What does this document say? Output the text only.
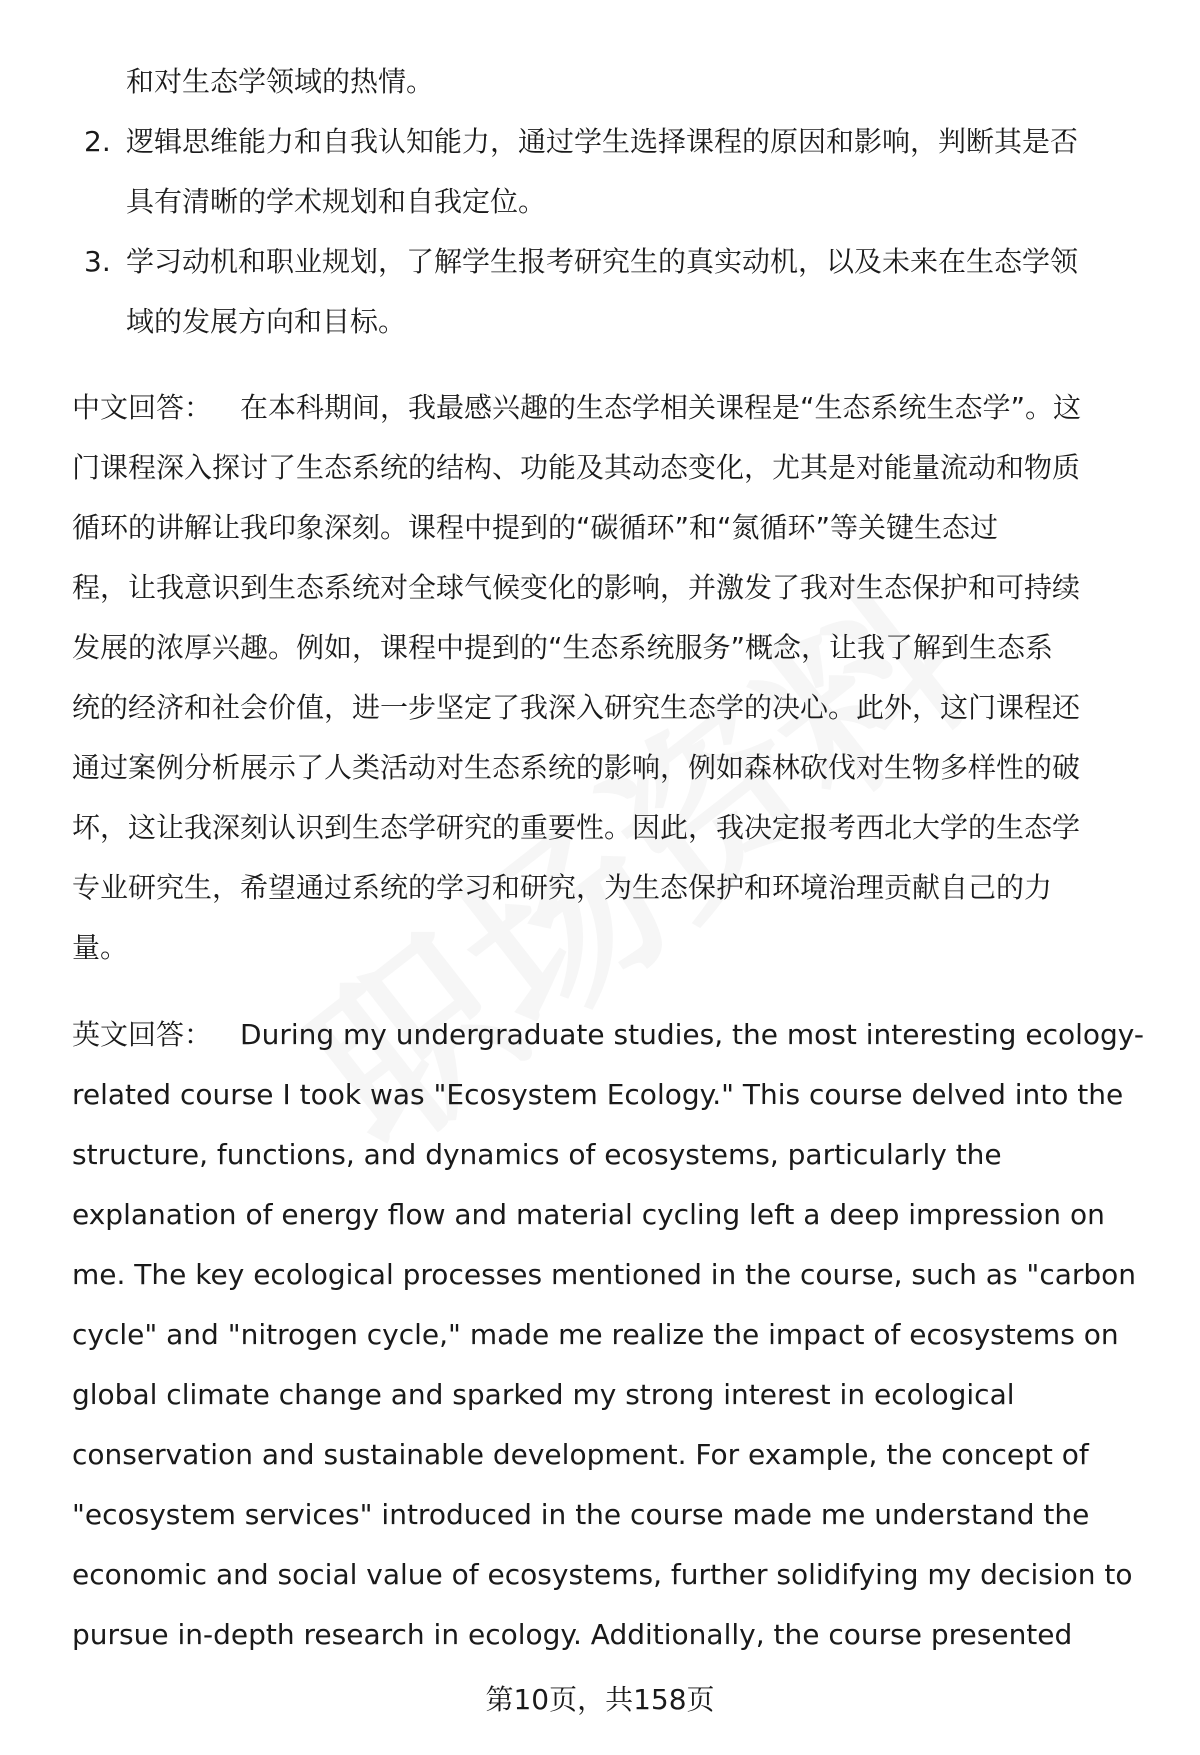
和对生态学领域的热情。
2. 逻辑思维能力和自我认知能力，通过学生选择课程的原因和影响，判断其是否
具有清晰的学术规划和自我定位。
3. 学习动机和职业规划，了解学生报考研究生的真实动机，以及未来在生态学领
域的发展方向和目标。
中文回答： 在本科期间，我最感兴趣的生态学相关课程是“生态系统生态学”。这
门课程深入探讨了生态系统的结构、功能及其动态变化，尤其是对能量流动和物质
循环的讲解让我印象深刻。课程中提到的“碳循环”和“氮循环”等关键生态过
程，让我意识到生态系统对全球气候变化的影响，并激发了我对生态保护和可持续
发展的浓厚兴趣。例如，课程中提到的“生态系统服务”概念，让我了解到生态系
统的经济和社会价值，进一步坚定了我深入研究生态学的决心。此外，这门课程还
通过案例分析展示了人类活动对生态系统的影响，例如森林砍伐对生物多样性的破
坏，这让我深刻认识到生态学研究的重要性。因此，我决定报考西北大学的生态学
专业研究生，希望通过系统的学习和研究，为生态保护和环境治理贡献自己的力
量。
英文回答： During my undergraduate studies, the most interesting ecology-
related course I took was "Ecosystem Ecology." This course delved into the
structure, functions, and dynamics of ecosystems, particularly the
explanation of energy flow and material cycling left a deep impression on
me. The key ecological processes mentioned in the course, such as "carbon
cycle" and "nitrogen cycle," made me realize the impact of ecosystems on
global climate change and sparked my strong interest in ecological
conservation and sustainable development. For example, the concept of
"ecosystem services" introduced in the course made me understand the
economic and social value of ecosystems, further solidifying my decision to
pursue in-depth research in ecology. Additionally, the course presented
第10页，共158页
